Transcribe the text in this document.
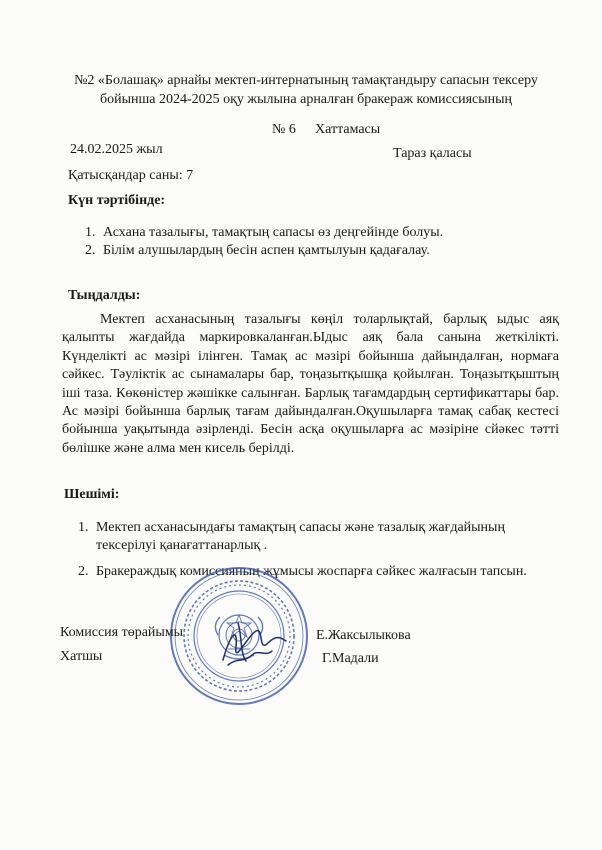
№2 «Болашақ» арнайы мектеп-интернатының тамақтандыру сапасын тексеру
бойынша 2024-2025 оқу жылына арналған бракераж комиссиясының
№ 6 Хаттамасы
24.02.2025 жыл	Тараз қаласы
Қатысқандар саны: 7
Күн тәртібінде:
1. Асхана тазалығы, тамақтың сапасы өз деңгейінде болуы.
2. Білім алушылардың бесін аспен қамтылуын қадағалау.
Тыңдалды:

Мектеп асханасының тазалығы көңіл толарлықтай, барлық ыдыс аяқ қалыпты жағдайда маркировкаланған.Ыдыс аяқ бала санына жеткілікті. Күнделікті ас мәзірі ілінген. Тамақ ас мәзірі бойынша дайындалған, нормаға сәйкес. Тәуліктік ас сынамалары бар, тоңазытқышқа қойылған. Тоңазытқыштың іші таза. Көкөністер жәшікке салынған. Барлық тағамдардың сертификаттары бар. Ас мәзірі бойынша барлық тағам дайындалған.Оқушыларға тамақ сабақ кестесі бойынша уақытында әзірленді. Бесін асқа оқушыларға ас мәзіріне сйәкес тәтті бөлішке және алма мен кисель берілді.

Шешімі:
1. Мектеп асханасындағы тамақтың сапасы және тазалық жағдайының
тексерілуі қанағаттанарлық .
2. Бракераждық комиссияның жұмысы жоспарға сәйкес жалғасын тапсын.
Комиссия төрайымы	Е.Жаксылыкова
Хатшы	Г.Мадали
